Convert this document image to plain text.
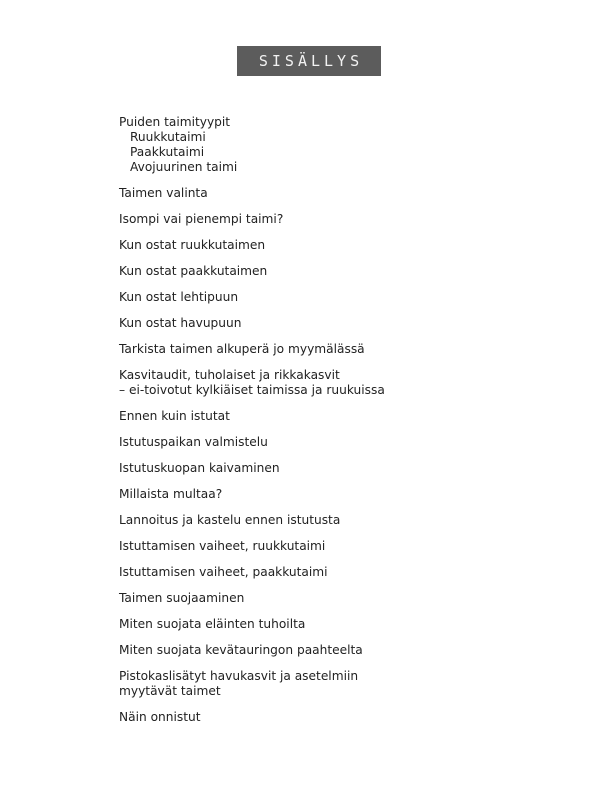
SISÄLLYS
Puiden taimityypit
Ruukkutaimi
Paakkutaimi
Avojuurinen taimi
Taimen valinta
Isompi vai pienempi taimi?
Kun ostat ruukkutaimen
Kun ostat paakkutaimen
Kun ostat lehtipuun
Kun ostat havupuun
Tarkista taimen alkuperä jo myymälässä
Kasvitaudit, tuholaiset ja rikkakasvit
– ei-toivotut kylkiäiset taimissa ja ruukuissa
Ennen kuin istutat
Istutuspaikan valmistelu
Istutuskuopan kaivaminen
Millaista multaa?
Lannoitus ja kastelu ennen istutusta
Istuttamisen vaiheet, ruukkutaimi
Istuttamisen vaiheet, paakkutaimi
Taimen suojaaminen
Miten suojata eläinten tuhoilta
Miten suojata kevätauringon paahteelta
Pistokaslisätyt havukasvit ja asetelmiin
myytävät taimet
Näin onnistut
